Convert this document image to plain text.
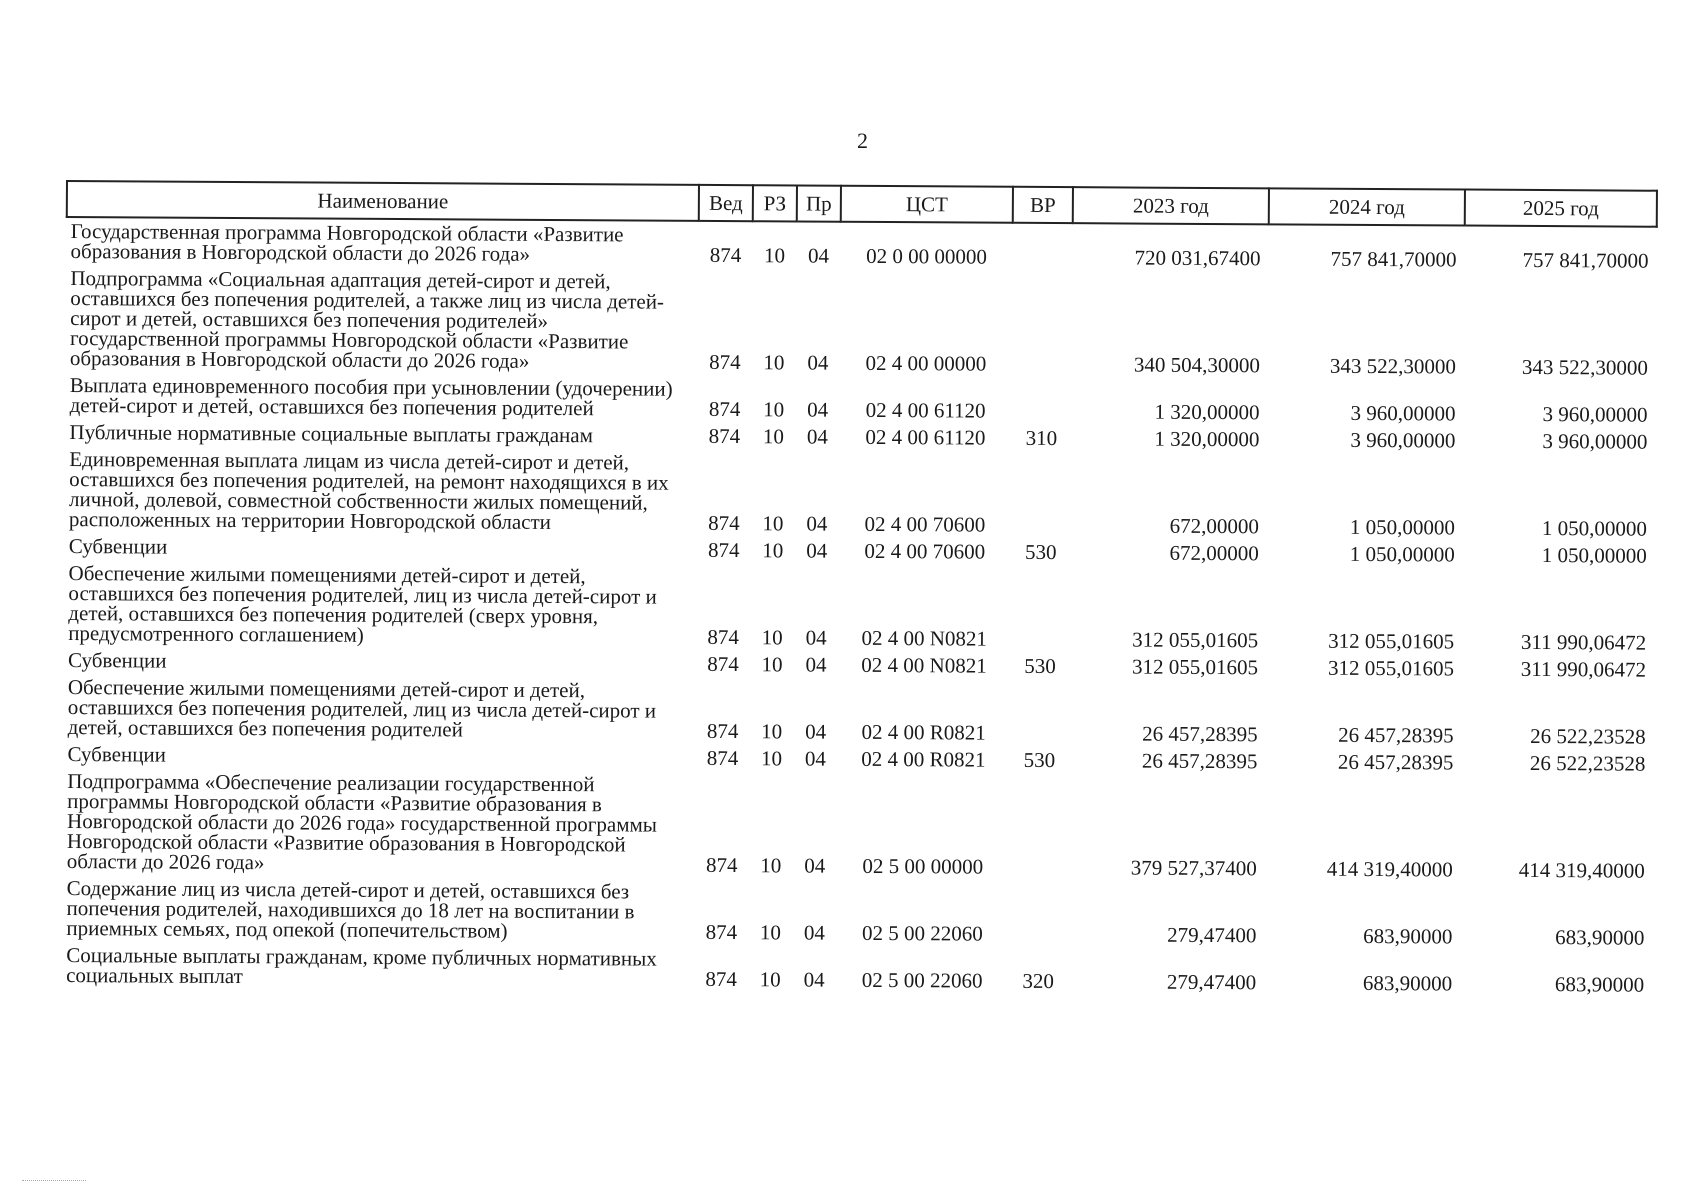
2
Наименование	Вед	РЗ	Пр	ЦСТ	ВР	2023 год	2024 год	2025 год
Государственная программа Новгородской области «Развитие образования в Новгородской области до 2026 года»	874	10	04	02 0 00 00000		720 031,67400	757 841,70000	757 841,70000
Подпрограмма «Социальная адаптация детей-сирот и детей, оставшихся без попечения родителей, а также лиц из числа детей-сирот и детей, оставшихся без попечения родителей» государственной программы Новгородской области «Развитие образования в Новгородской области до 2026 года»	874	10	04	02 4 00 00000		340 504,30000	343 522,30000	343 522,30000
Выплата единовременного пособия при усыновлении (удочерении) детей-сирот и детей, оставшихся без попечения родителей	874	10	04	02 4 00 61120		1 320,00000	3 960,00000	3 960,00000
Публичные нормативные социальные выплаты гражданам	874	10	04	02 4 00 61120	310	1 320,00000	3 960,00000	3 960,00000
Единовременная выплата лицам из числа детей-сирот и детей, оставшихся без попечения родителей, на ремонт находящихся в их личной, долевой, совместной собственности жилых помещений, расположенных на территории Новгородской области	874	10	04	02 4 00 70600		672,00000	1 050,00000	1 050,00000
Субвенции	874	10	04	02 4 00 70600	530	672,00000	1 050,00000	1 050,00000
Обеспечение жилыми помещениями детей-сирот и детей, оставшихся без попечения родителей, лиц из числа детей-сирот и детей, оставшихся без попечения родителей (сверх уровня, предусмотренного соглашением)	874	10	04	02 4 00 N0821		312 055,01605	312 055,01605	311 990,06472
Субвенции	874	10	04	02 4 00 N0821	530	312 055,01605	312 055,01605	311 990,06472
Обеспечение жилыми помещениями детей-сирот и детей, оставшихся без попечения родителей, лиц из числа детей-сирот и детей, оставшихся без попечения родителей	874	10	04	02 4 00 R0821		26 457,28395	26 457,28395	26 522,23528
Субвенции	874	10	04	02 4 00 R0821	530	26 457,28395	26 457,28395	26 522,23528
Подпрограмма «Обеспечение реализации государственной программы Новгородской области «Развитие образования в Новгородской области до 2026 года» государственной программы Новгородской области «Развитие образования в Новгородской области до 2026 года»	874	10	04	02 5 00 00000		379 527,37400	414 319,40000	414 319,40000
Содержание лиц из числа детей-сирот и детей, оставшихся без попечения родителей, находившихся до 18 лет на воспитании в приемных семьях, под опекой (попечительством)	874	10	04	02 5 00 22060		279,47400	683,90000	683,90000
Социальные выплаты гражданам, кроме публичных нормативных социальных выплат	874	10	04	02 5 00 22060	320	279,47400	683,90000	683,90000
